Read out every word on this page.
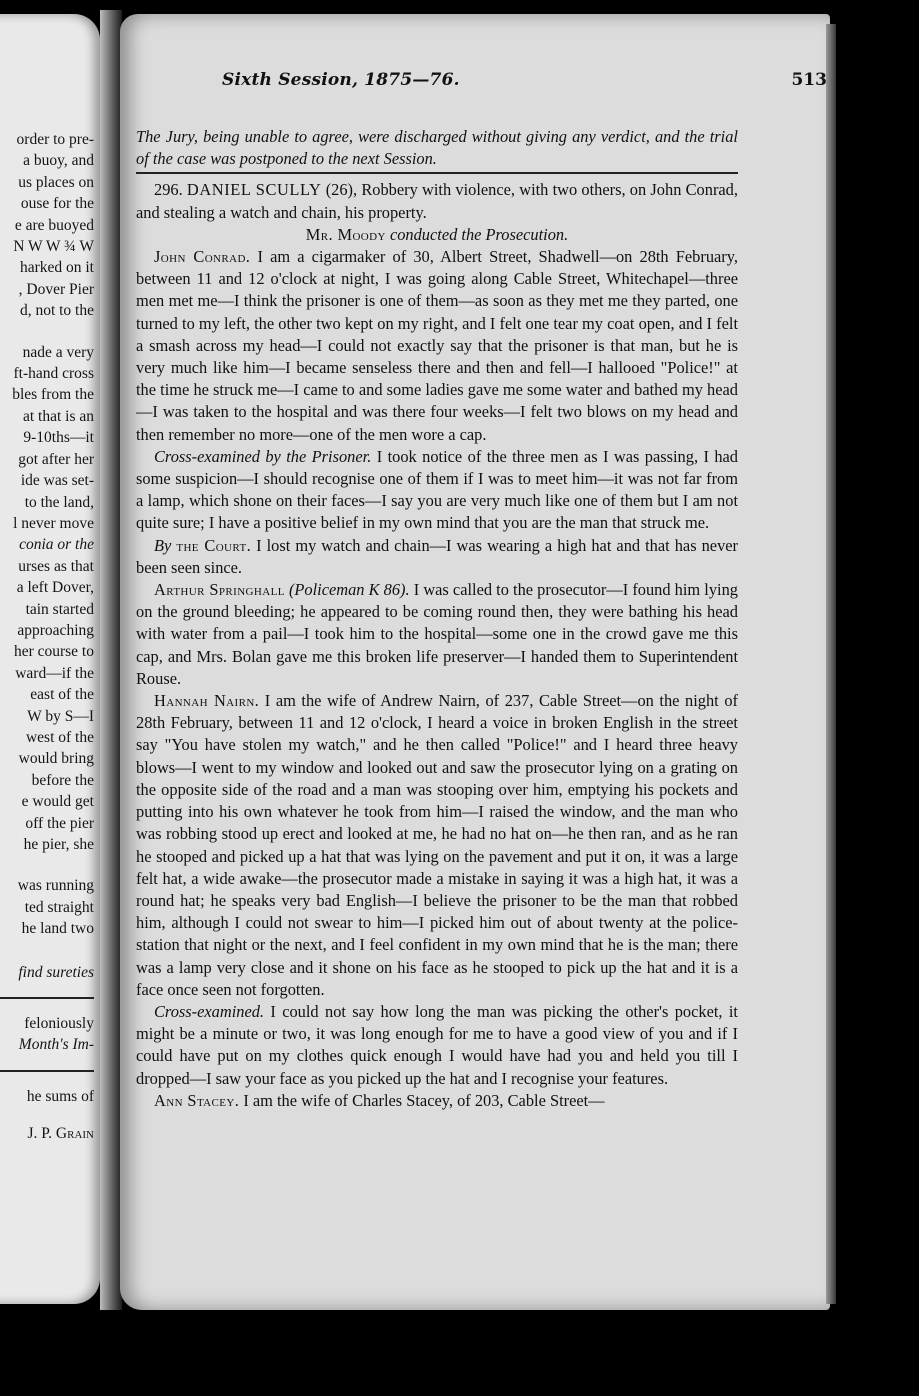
order to pre-
a buoy, and
us places on
ouse for the
e are buoyed
N W W ¾ W
harked on it
, Dover Pier
d, not to the
nade a very
ft-hand cross
bles from the
at that is an
9-10ths—it
got after her
ide was set-
to the land,
l never move
conia or the
urses as that
a left Dover,
tain started
approaching
her course to
ward—if the
east of the
W by S—I
west of the
would bring
before the
e would get
off the pier
he pier, she
was running
ted straight
he land two
find sureties
feloniously
Month's Im-
he sums of
J. P. Grain
Sixth Session, 1875—76.	513

The Jury, being unable to agree, were discharged without giving any verdict, and the trial of the case was postponed to the next Session.

296. DANIEL SCULLY (26), Robbery with violence, with two others, on John Conrad, and stealing a watch and chain, his property.

Mr. Moody conducted the Prosecution.

John Conrad. I am a cigarmaker of 30, Albert Street, Shadwell—on 28th February, between 11 and 12 o'clock at night, I was going along Cable Street, Whitechapel—three men met me—I think the prisoner is one of them—as soon as they met me they parted, one turned to my left, the other two kept on my right, and I felt one tear my coat open, and I felt a smash across my head—I could not exactly say that the prisoner is that man, but he is very much like him—I became senseless there and then and fell—I hallooed "Police!" at the time he struck me—I came to and some ladies gave me some water and bathed my head—I was taken to the hospital and was there four weeks—I felt two blows on my head and then remember no more—one of the men wore a cap.

Cross-examined by the Prisoner. I took notice of the three men as I was passing, I had some suspicion—I should recognise one of them if I was to meet him—it was not far from a lamp, which shone on their faces—I say you are very much like one of them but I am not quite sure; I have a positive belief in my own mind that you are the man that struck me.

By the Court. I lost my watch and chain—I was wearing a high hat and that has never been seen since.

Arthur Springhall (Policeman K 86). I was called to the prosecutor—I found him lying on the ground bleeding; he appeared to be coming round then, they were bathing his head with water from a pail—I took him to the hospital—some one in the crowd gave me this cap, and Mrs. Bolan gave me this broken life preserver—I handed them to Superintendent Rouse.

Hannah Nairn. I am the wife of Andrew Nairn, of 237, Cable Street—on the night of 28th February, between 11 and 12 o'clock, I heard a voice in broken English in the street say "You have stolen my watch," and he then called "Police!" and I heard three heavy blows—I went to my window and looked out and saw the prosecutor lying on a grating on the opposite side of the road and a man was stooping over him, emptying his pockets and putting into his own whatever he took from him—I raised the window, and the man who was robbing stood up erect and looked at me, he had no hat on—he then ran, and as he ran he stooped and picked up a hat that was lying on the pavement and put it on, it was a large felt hat, a wide awake—the prosecutor made a mistake in saying it was a high hat, it was a round hat; he speaks very bad English—I believe the prisoner to be the man that robbed him, although I could not swear to him—I picked him out of about twenty at the police-station that night or the next, and I feel confident in my own mind that he is the man; there was a lamp very close and it shone on his face as he stooped to pick up the hat and it is a face once seen not forgotten.

Cross-examined. I could not say how long the man was picking the other's pocket, it might be a minute or two, it was long enough for me to have a good view of you and if I could have put on my clothes quick enough I would have had you and held you till I dropped—I saw your face as you picked up the hat and I recognise your features.

Ann Stacey. I am the wife of Charles Stacey, of 203, Cable Street—
